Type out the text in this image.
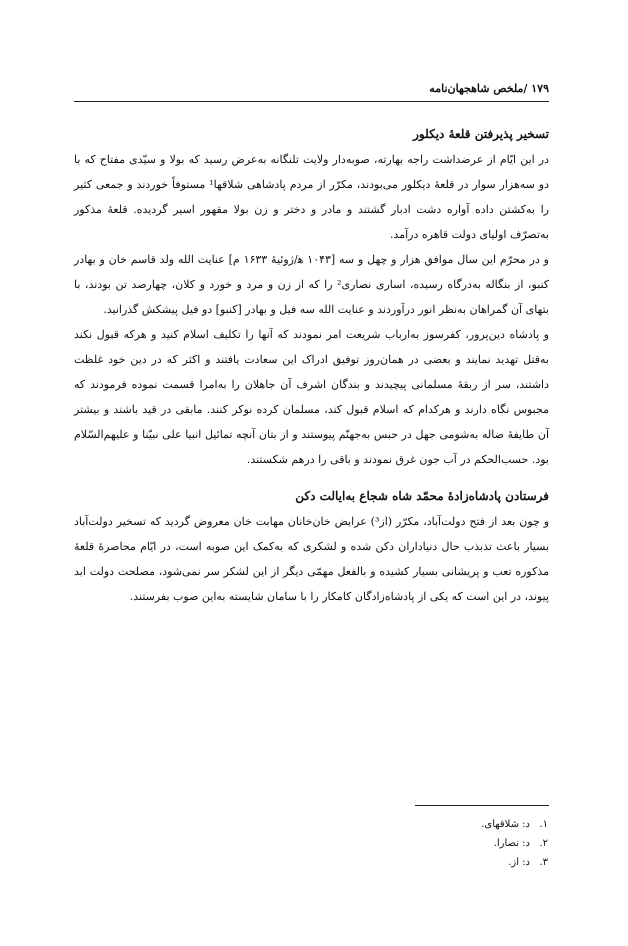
۱۷۹ /ملخص شاهجهان‌نامه
تسخیر پذیرفتن قلعهٔ دیکلور

در این ایّام از عرضداشت راجه بهارته، صوبه‌دار ولایت تلنگانه به‌عرض رسید که بولا و سیّدی مفتاح که با دو سه‌هزار سوار در قلعهٔ دیکلور می‌بودند، مکرّر از مردم پادشاهی شلاقها¹ مستوفاً خوردند و جمعی کثیر را به‌کشتن داده آواره دشت ادبار گشتند و مادر و دختر و زن بولا مقهور اسیر گردیده. قلعهٔ مذکور به‌تصرّف اولیای دولت قاهره درآمد.

و در محرّم این سال موافق هزار و چهل و سه [۱۰۴۳ ه‍/ژوئیهٔ ۱۶۳۳ م] عنایت الله ولد قاسم خان و بهادر کنبو، از بنگاله به‌درگاه رسیده، اساری نصاری² را که از زن و مرد و خورد و کلان، چهارصد تن بودند، با بتهای آن گمراهان به‌نظر انور درآوردند و عنایت الله سه فیل و بهادر [کنبو] دو فیل پیشکش گذرانید.

و پادشاه دین‌پرور، کفرسوز به‌ارباب شریعت امر نمودند که آنها را تکلیف اسلام کنید و هرکه قبول نکند به‌قتل تهدید نمایند و بعضی در همان‌روز توفیق ادراک این سعادت یافتند و اکثر که در دین خود غلظت داشتند، سر از ربقهٔ مسلمانی پیچیدند و بندگان اشرف آن جاهلان را به‌امرا قسمت نموده فرمودند که مجبوس نگاه دارند و هرکدام که اسلام قبول کند، مسلمان کرده نوکر کنند. مابقی در قید باشند و بیشتر آن طایفهٔ ضاله به‌شومی جهل در حبس به‌جهنّم پیوستند و از بتان آنچه تمائیل انبیا علی نبیّنا و علیهم‌السّلام بود. حسب‌الحکم در آب جون غرق نمودند و باقی را درهم شکستند.

فرستادن پادشاه‌زادهٔ محمّد شاه شجاع به‌ایالت دکن

و چون بعد از فتح دولت‌آباد، مکرّر (از³) عرایض خان‌خانان مهابت خان معروض گردید که تسخیر دولت‌آباد بسیار باعث تذبذب حال دنیاداران دکن شده و لشکری که به‌کمک این صوبه است، در ایّام محاصرهٔ قلعهٔ مذکوره تعب و پریشانی بسیار کشیده و بالفعل مهمّی دیگر از این لشکر سر نمی‌شود، مصلحت دولت ابد پیوند، در این است که یکی از پادشاه‌زادگان کامکار را با سامان شایسته به‌این صوب بفرستند.

۱.د: شلاقهای.
۲.د: نصارا.
۳.د: از.
